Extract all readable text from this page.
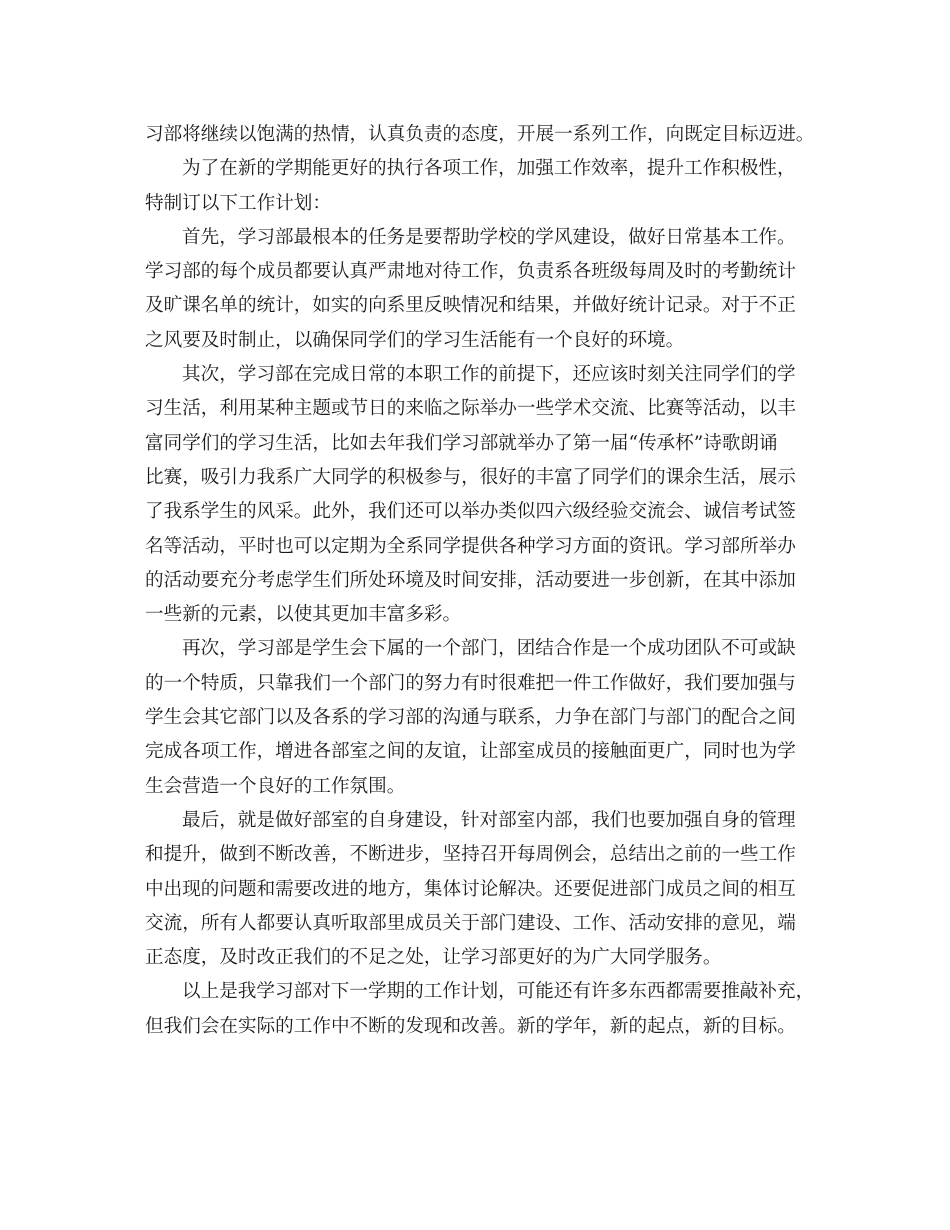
习部将继续以饱满的热情，认真负责的态度，开展一系列工作，向既定目标迈进。
为了在新的学期能更好的执行各项工作，加强工作效率，提升工作积极性，
特制订以下工作计划：
首先，学习部最根本的任务是要帮助学校的学风建设，做好日常基本工作。
学习部的每个成员都要认真严肃地对待工作，负责系各班级每周及时的考勤统计
及旷课名单的统计，如实的向系里反映情况和结果，并做好统计记录。对于不正
之风要及时制止，以确保同学们的学习生活能有一个良好的环境。
其次，学习部在完成日常的本职工作的前提下，还应该时刻关注同学们的学
习生活，利用某种主题或节日的来临之际举办一些学术交流、比赛等活动，以丰
富同学们的学习生活，比如去年我们学习部就举办了第一届“传承杯”诗歌朗诵
比赛，吸引力我系广大同学的积极参与，很好的丰富了同学们的课余生活，展示
了我系学生的风采。此外，我们还可以举办类似四六级经验交流会、诚信考试签
名等活动，平时也可以定期为全系同学提供各种学习方面的资讯。学习部所举办
的活动要充分考虑学生们所处环境及时间安排，活动要进一步创新，在其中添加
一些新的元素，以使其更加丰富多彩。
再次，学习部是学生会下属的一个部门，团结合作是一个成功团队不可或缺
的一个特质，只靠我们一个部门的努力有时很难把一件工作做好，我们要加强与
学生会其它部门以及各系的学习部的沟通与联系，力争在部门与部门的配合之间
完成各项工作，增进各部室之间的友谊，让部室成员的接触面更广，同时也为学
生会营造一个良好的工作氛围。
最后，就是做好部室的自身建设，针对部室内部，我们也要加强自身的管理
和提升，做到不断改善，不断进步，坚持召开每周例会，总结出之前的一些工作
中出现的问题和需要改进的地方，集体讨论解决。还要促进部门成员之间的相互
交流，所有人都要认真听取部里成员关于部门建设、工作、活动安排的意见，端
正态度，及时改正我们的不足之处，让学习部更好的为广大同学服务。
以上是我学习部对下一学期的工作计划，可能还有许多东西都需要推敲补充，
但我们会在实际的工作中不断的发现和改善。新的学年，新的起点，新的目标。
